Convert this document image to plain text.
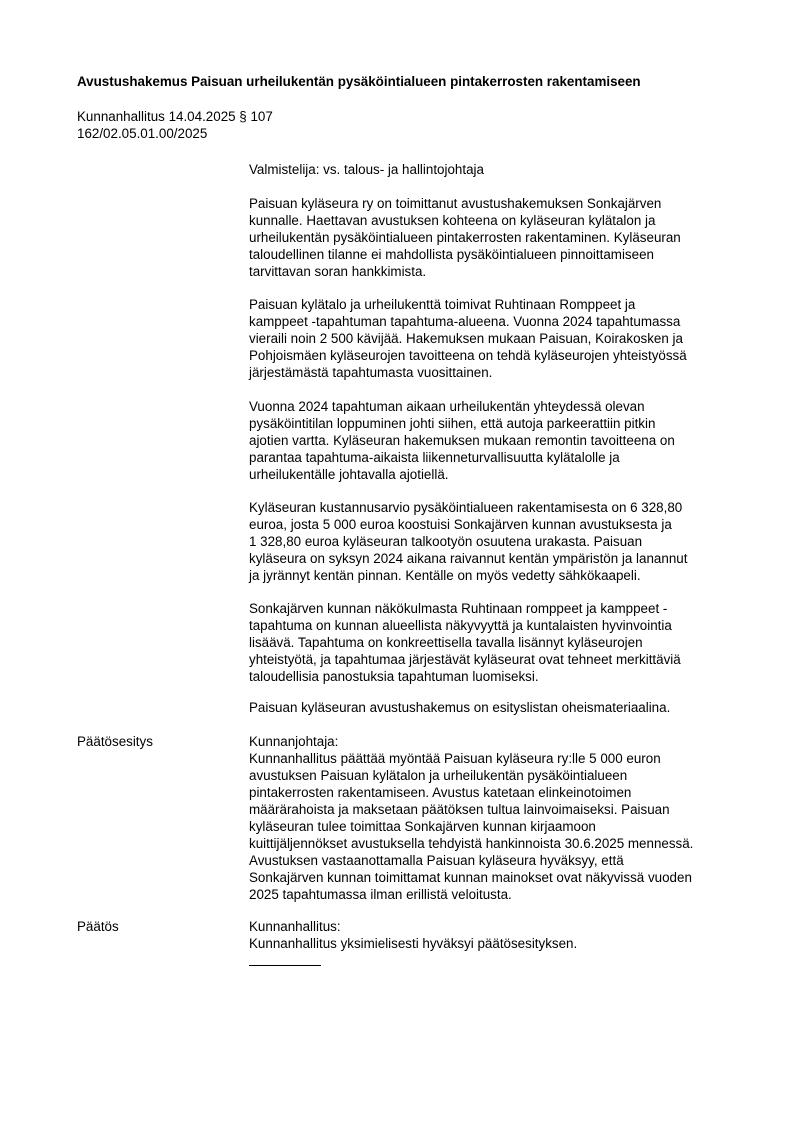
Avustushakemus Paisuan urheilukentän pysäköintialueen pintakerrosten rakentamiseen
Kunnanhallitus 14.04.2025 § 107
162/02.05.01.00/2025
Valmistelija: vs. talous- ja hallintojohtaja
Paisuan kyläseura ry on toimittanut avustushakemuksen Sonkajärven
kunnalle. Haettavan avustuksen kohteena on kyläseuran kylätalon ja
urheilukentän pysäköintialueen pintakerrosten rakentaminen. Kyläseuran
taloudellinen tilanne ei mahdollista pysäköintialueen pinnoittamiseen
tarvittavan soran hankkimista.
Paisuan kylätalo ja urheilukenttä toimivat Ruhtinaan Romppeet ja
kamppeet -tapahtuman tapahtuma-alueena. Vuonna 2024 tapahtumassa
vieraili noin 2 500 kävijää. Hakemuksen mukaan Paisuan, Koirakosken ja
Pohjoismäen kyläseurojen tavoitteena on tehdä kyläseurojen yhteistyössä
järjestämästä tapahtumasta vuosittainen.
Vuonna 2024 tapahtuman aikaan urheilukentän yhteydessä olevan
pysäköintitilan loppuminen johti siihen, että autoja parkeerattiin pitkin
ajotien vartta. Kyläseuran hakemuksen mukaan remontin tavoitteena on
parantaa tapahtuma-aikaista liikenneturvallisuutta kylätalolle ja
urheilukentälle johtavalla ajotiellä.
Kyläseuran kustannusarvio pysäköintialueen rakentamisesta on 6 328,80
euroa, josta 5 000 euroa koostuisi Sonkajärven kunnan avustuksesta ja
1 328,80 euroa kyläseuran talkootyön osuutena urakasta. Paisuan
kyläseura on syksyn 2024 aikana raivannut kentän ympäristön ja lanannut
ja jyrännyt kentän pinnan. Kentälle on myös vedetty sähkökaapeli.
Sonkajärven kunnan näkökulmasta Ruhtinaan romppeet ja kamppeet -
tapahtuma on kunnan alueellista näkyvyyttä ja kuntalaisten hyvinvointia
lisäävä. Tapahtuma on konkreettisella tavalla lisännyt kyläseurojen
yhteistyötä, ja tapahtumaa järjestävät kyläseurat ovat tehneet merkittäviä
taloudellisia panostuksia tapahtuman luomiseksi.
Paisuan kyläseuran avustushakemus on esityslistan oheismateriaalina.
Päätösesitys	Kunnanjohtaja:
Kunnanhallitus päättää myöntää Paisuan kyläseura ry:lle 5 000 euron
avustuksen Paisuan kylätalon ja urheilukentän pysäköintialueen
pintakerrosten rakentamiseen. Avustus katetaan elinkeinotoimen
määrärahoista ja maksetaan päätöksen tultua lainvoimaiseksi. Paisuan
kyläseuran tulee toimittaa Sonkajärven kunnan kirjaamoon
kuittijäljennökset avustuksella tehdyistä hankinnoista 30.6.2025 mennessä.
Avustuksen vastaanottamalla Paisuan kyläseura hyväksyy, että
Sonkajärven kunnan toimittamat kunnan mainokset ovat näkyvissä vuoden
2025 tapahtumassa ilman erillistä veloitusta.
Päätös	Kunnanhallitus:
Kunnanhallitus yksimielisesti hyväksyi päätösesityksen.
